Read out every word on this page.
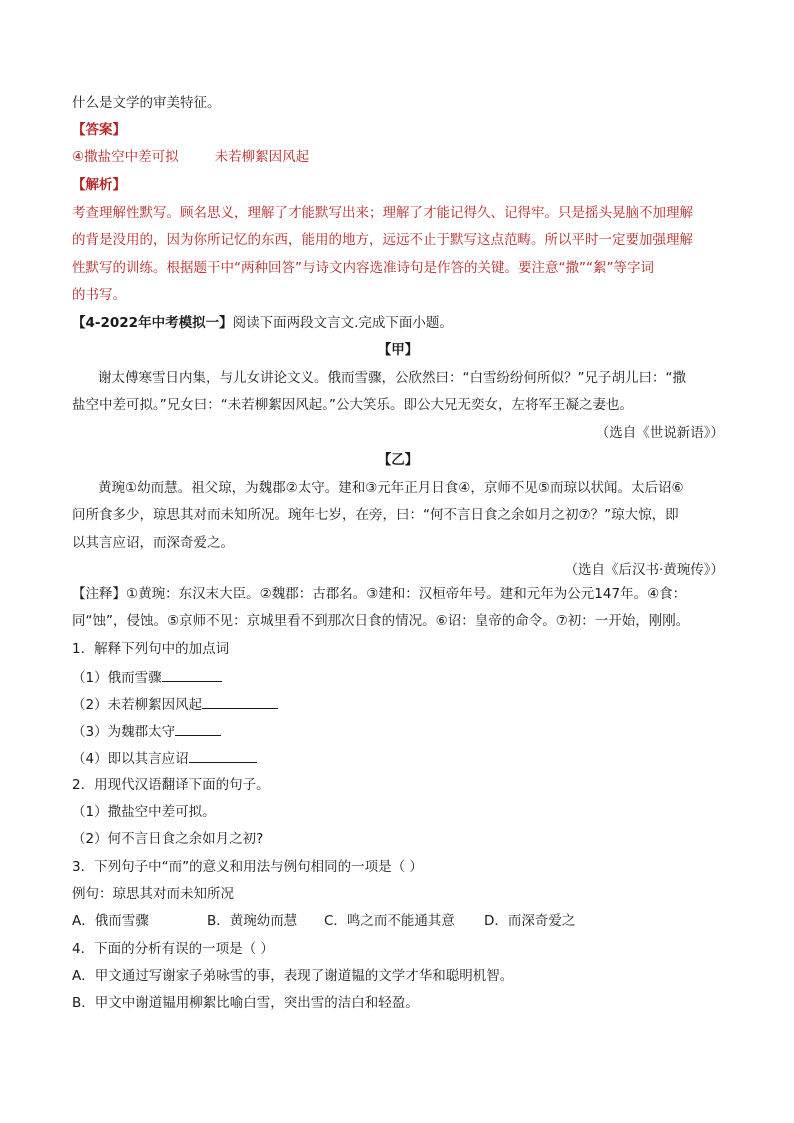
什么是文学的审美特征。
【答案】
④撒盐空中差可拟	未若柳絮因风起
【解析】
考查理解性默写。顾名思义，理解了才能默写出来；理解了才能记得久、记得牢。只是摇头晃脑不加理解
的背是没用的，因为你所记忆的东西，能用的地方，远远不止于默写这点范畴。所以平时一定要加强理解
性默写的训练。根据题干中“两种回答”与诗文内容选准诗句是作答的关键。要注意“撒”“絮”等字词
的书写。
【4-2022年中考模拟一】阅读下面两段文言文.完成下面小题。
【甲】
谢太傅寒雪日内集，与儿女讲论文义。俄而雪骤，公欣然曰：“白雪纷纷何所似？”兄子胡儿曰：“撒
盐空中差可拟。”兄女曰：“未若柳絮因风起。”公大笑乐。即公大兄无奕女，左将军王凝之妻也。
（选自《世说新语》）
【乙】
黄琬①幼而慧。祖父琼，为魏郡②太守。建和③元年正月日食④，京师不见⑤而琼以状闻。太后诏⑥
问所食多少，琼思其对而未知所况。琬年七岁，在旁，曰：“何不言日食之余如月之初⑦？”琼大惊，即
以其言应诏，而深奇爱之。
（选自《后汉书·黄琬传》）
【注释】①黄琬：东汉末大臣。②魏郡：古郡名。③建和：汉桓帝年号。建和元年为公元147年。④食：
同“蚀”，侵蚀。⑤京师不见：京城里看不到那次日食的情况。⑥诏：皇帝的命令。⑦初：一开始，刚刚。
1．解释下列句中的加点词
（1）俄而雪骤
（2）未若柳絮因风起
（3）为魏郡太守
（4）即以其言应诏
2．用现代汉语翻译下面的句子。
（1）撒盐空中差可拟。
（2）何不言日食之余如月之初?
3．下列句子中“而”的意义和用法与例句相同的一项是（ ）
例句：琼思其对而未知所况
A．俄而雪骤	B．黄琬幼而慧 C．鸣之而不能通其意 D．而深奇爱之
4．下面的分析有误的一项是（ ）
A．甲文通过写谢家子弟咏雪的事，表现了谢道韫的文学才华和聪明机智。
B．甲文中谢道韫用柳絮比喻白雪，突出雪的洁白和轻盈。
